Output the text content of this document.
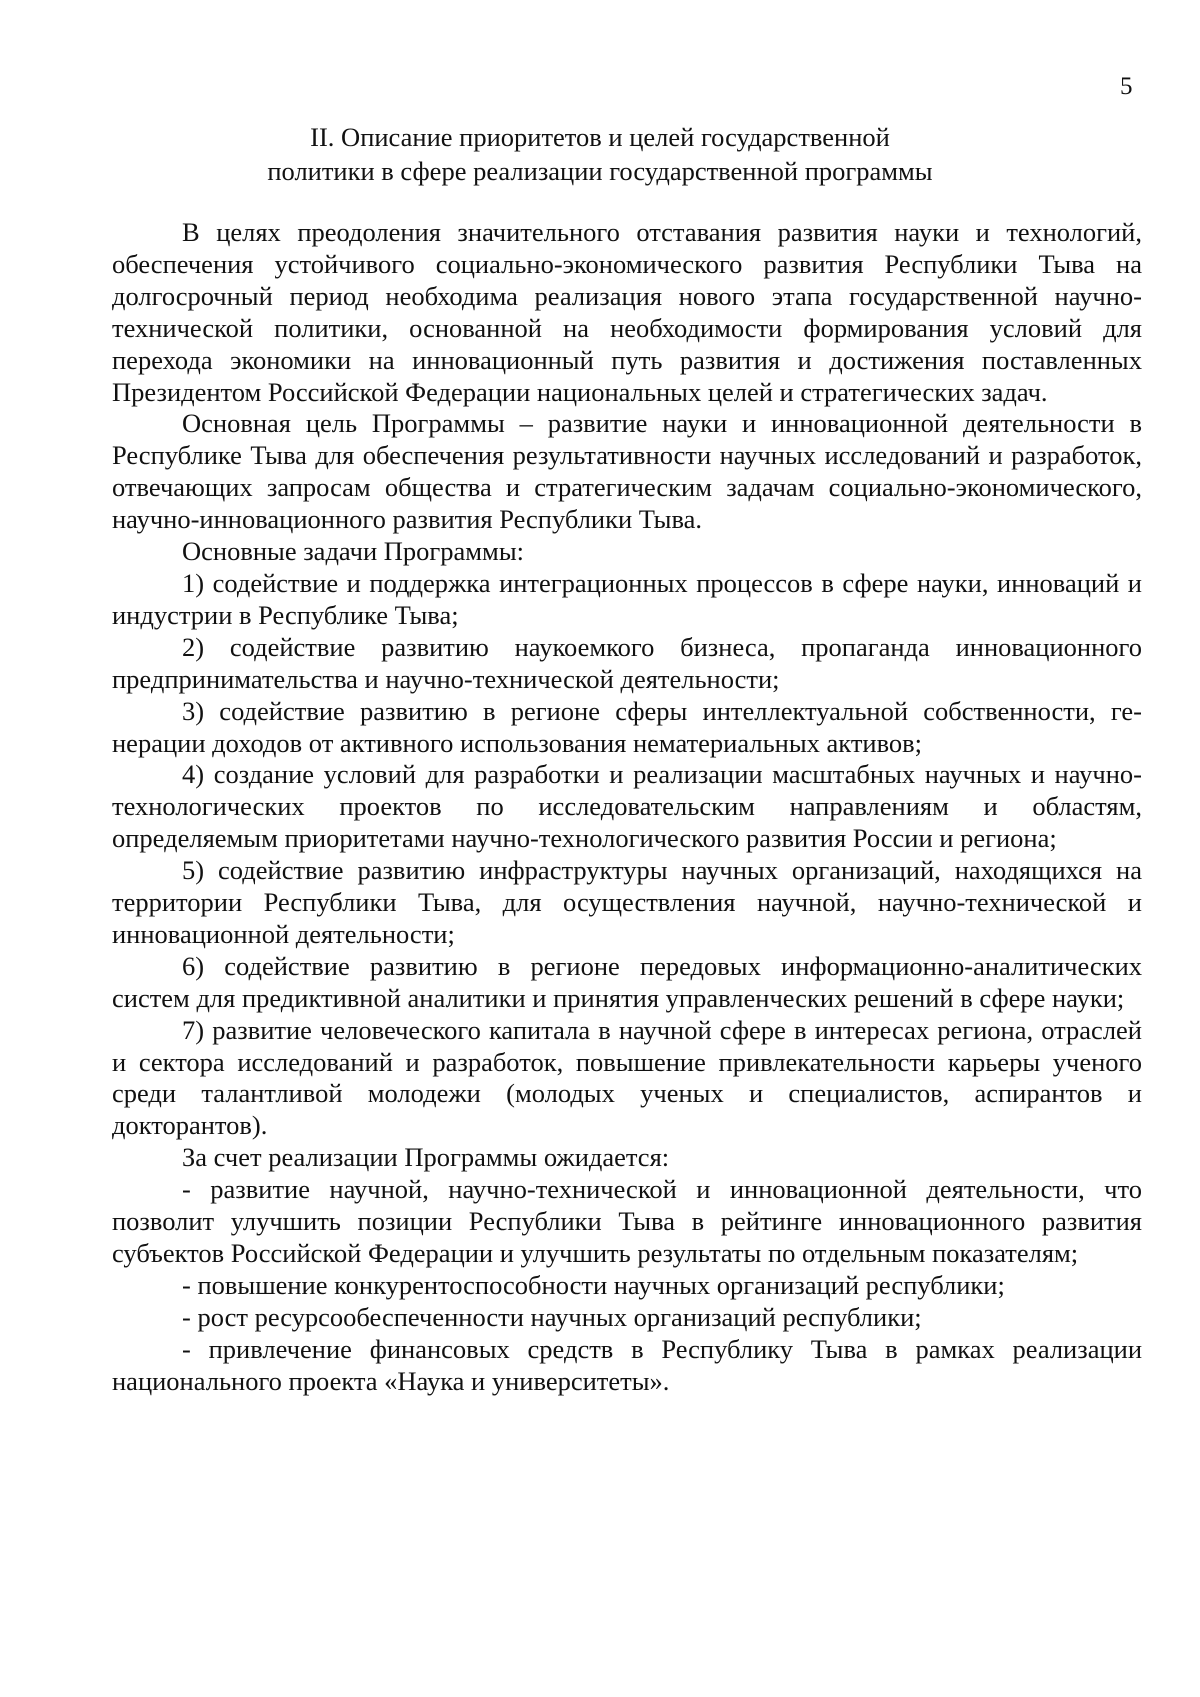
5
II. Описание приоритетов и целей государственной
политики в сфере реализации государственной программы

В целях преодоления значительного отставания развития науки и технологий, обеспечения устойчивого социально-экономического развития Республики Тыва на долгосрочный период необходима реализация нового этапа государственной научно-технической политики, основанной на необходимости формирования условий для перехода экономики на инновационный путь развития и достижения поставленных Президентом Российской Федерации национальных целей и стратегических задач.

Основная цель Программы – развитие науки и инновационной деятельности в Республике Тыва для обеспечения результативности научных исследований и разработок, отвечающих запросам общества и стратегическим задачам социально-экономического, научно-инновационного развития Республики Тыва.

Основные задачи Программы:

1) содействие и поддержка интеграционных процессов в сфере науки, инноваций и индустрии в Республике Тыва;

2) содействие развитию наукоемкого бизнеса, пропаганда инновационного предпринимательства и научно-технической деятельности;

3) содействие развитию в регионе сферы интеллектуальной собственности, генерации доходов от активного использования нематериальных активов;

4) создание условий для разработки и реализации масштабных научных и научно-технологических проектов по исследовательским направлениям и областям, определяемым приоритетами научно-технологического развития России и региона;

5) содействие развитию инфраструктуры научных организаций, находящихся на территории Республики Тыва, для осуществления научной, научно-технической и инновационной деятельности;

6) содействие развитию в регионе передовых информационно-аналитических систем для предиктивной аналитики и принятия управленческих решений в сфере науки;

7) развитие человеческого капитала в научной сфере в интересах региона, отраслей и сектора исследований и разработок, повышение привлекательности карьеры ученого среди талантливой молодежи (молодых ученых и специалистов, аспирантов и докторантов).

За счет реализации Программы ожидается:

- развитие научной, научно-технической и инновационной деятельности, что позволит улучшить позиции Республики Тыва в рейтинге инновационного развития субъектов Российской Федерации и улучшить результаты по отдельным показателям;

- повышение конкурентоспособности научных организаций республики;

- рост ресурсообеспеченности научных организаций республики;

- привлечение финансовых средств в Республику Тыва в рамках реализации национального проекта «Наука и университеты».
